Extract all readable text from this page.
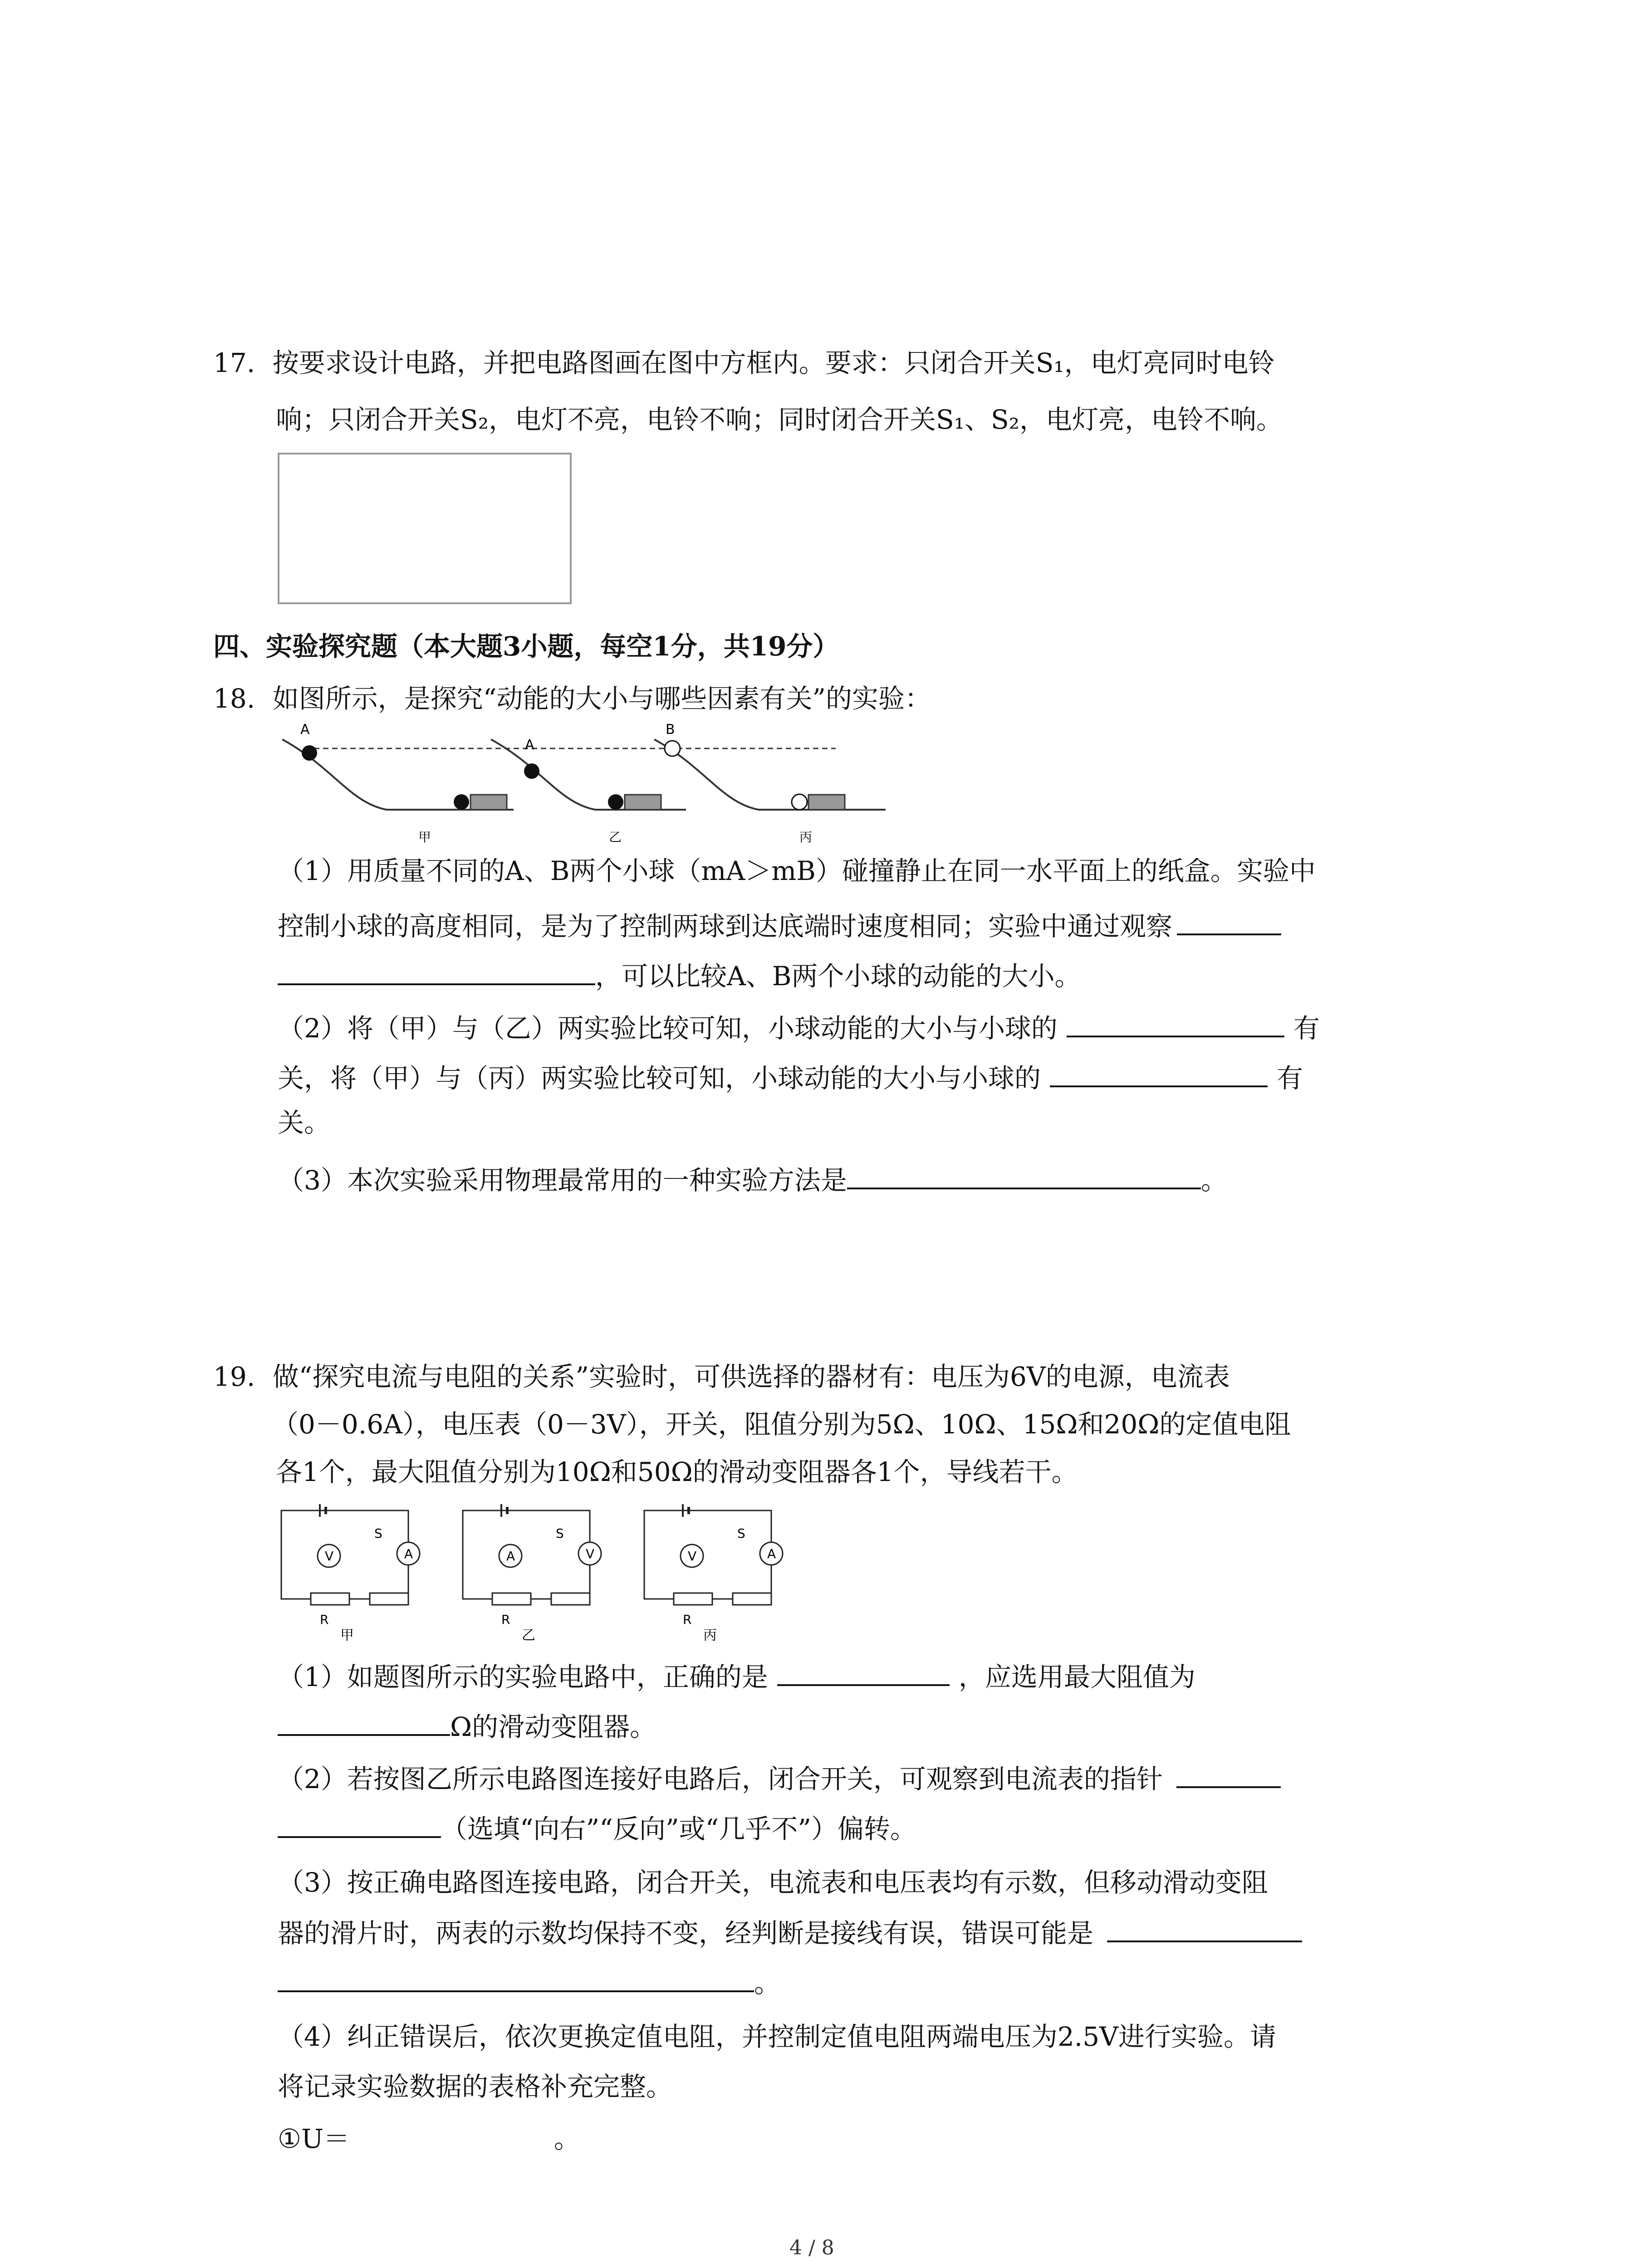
17. 按要求设计电路，并把电路图画在图中方框内。要求：只闭合开关S₁，电灯亮同时电铃
响；只闭合开关S₂，电灯不亮，电铃不响；同时闭合开关S₁、S₂，电灯亮，电铃不响。
四、实验探究题（本大题3小题，每空1分，共19分）
18. 如图所示，是探究“动能的大小与哪些因素有关”的实验：
A
甲
A
乙
B
丙
（1）用质量不同的A、B两个小球（mA＞mB）碰撞静止在同一水平面上的纸盒。实验中
控制小球的高度相同，是为了控制两球到达底端时速度相同；实验中通过观察
，可以比较A、B两个小球的动能的大小。
（2）将（甲）与（乙）两实验比较可知，小球动能的大小与小球的	有
关，将（甲）与（丙）两实验比较可知，小球动能的大小与小球的	有
关。
（3）本次实验采用物理最常用的一种实验方法是	。
19. 做“探究电流与电阻的关系”实验时，可供选择的器材有：电压为6V的电源，电流表
（0－0.6A），电压表（0－3V），开关，阻值分别为5Ω、10Ω、15Ω和20Ω的定值电阻
各1个，最大阻值分别为10Ω和50Ω的滑动变阻器各1个，导线若干。
S
A
V
R
甲
S
V
A
R
乙
S
A
V
R
丙
（1）如题图所示的实验电路中，正确的是	，应选用最大阻值为
Ω的滑动变阻器。
（2）若按图乙所示电路图连接好电路后，闭合开关，可观察到电流表的指针
（选填“向右”“反向”或“几乎不”）偏转。
（3）按正确电路图连接电路，闭合开关，电流表和电压表均有示数，但移动滑动变阻
器的滑片时，两表的示数均保持不变，经判断是接线有误，错误可能是
。
（4）纠正错误后，依次更换定值电阻，并控制定值电阻两端电压为2.5V进行实验。请
将记录实验数据的表格补充完整。
①U＝	。
4 / 8
